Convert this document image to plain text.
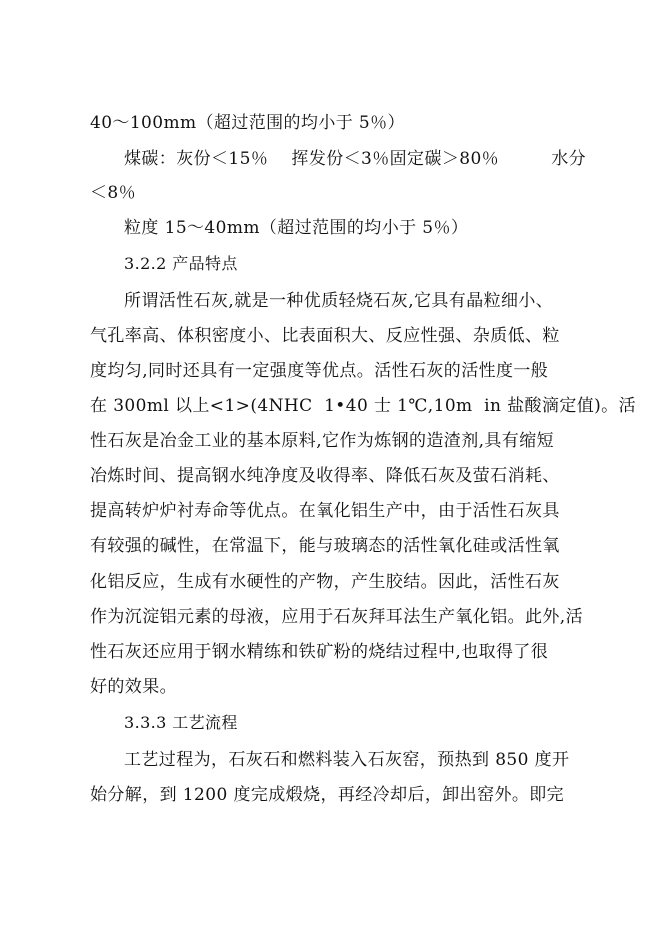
40～100mm（超过范围的均小于 5％）
煤碳：灰份＜15％　 挥发份＜3％固定碳＞80％　　　水分
＜8％
粒度 15～40mm（超过范围的均小于 5％）
3.2.2 产品特点
所谓活性石灰,就是一种优质轻烧石灰,它具有晶粒细小、
气孔率高、体积密度小、比表面积大、反应性强、杂质低、粒
度均匀,同时还具有一定强度等优点。活性石灰的活性度一般
在 300ml 以上<1>(4NHC  1•40 士 1℃,10m  in 盐酸滴定值)。活
性石灰是冶金工业的基本原料,它作为炼钢的造渣剂,具有缩短
冶炼时间、提高钢水纯净度及收得率、降低石灰及萤石消耗、
提高转炉炉衬寿命等优点。在氧化铝生产中，由于活性石灰具
有较强的碱性，在常温下，能与玻璃态的活性氧化硅或活性氧
化铝反应，生成有水硬性的产物，产生胶结。因此，活性石灰
作为沉淀铝元素的母液，应用于石灰拜耳法生产氧化铝。此外,活
性石灰还应用于钢水精练和铁矿粉的烧结过程中,也取得了很
好的效果。
3.3.3 工艺流程
工艺过程为，石灰石和燃料装入石灰窑，预热到 850 度开
始分解，到 1200 度完成煅烧，再经冷却后，卸出窑外。即完
